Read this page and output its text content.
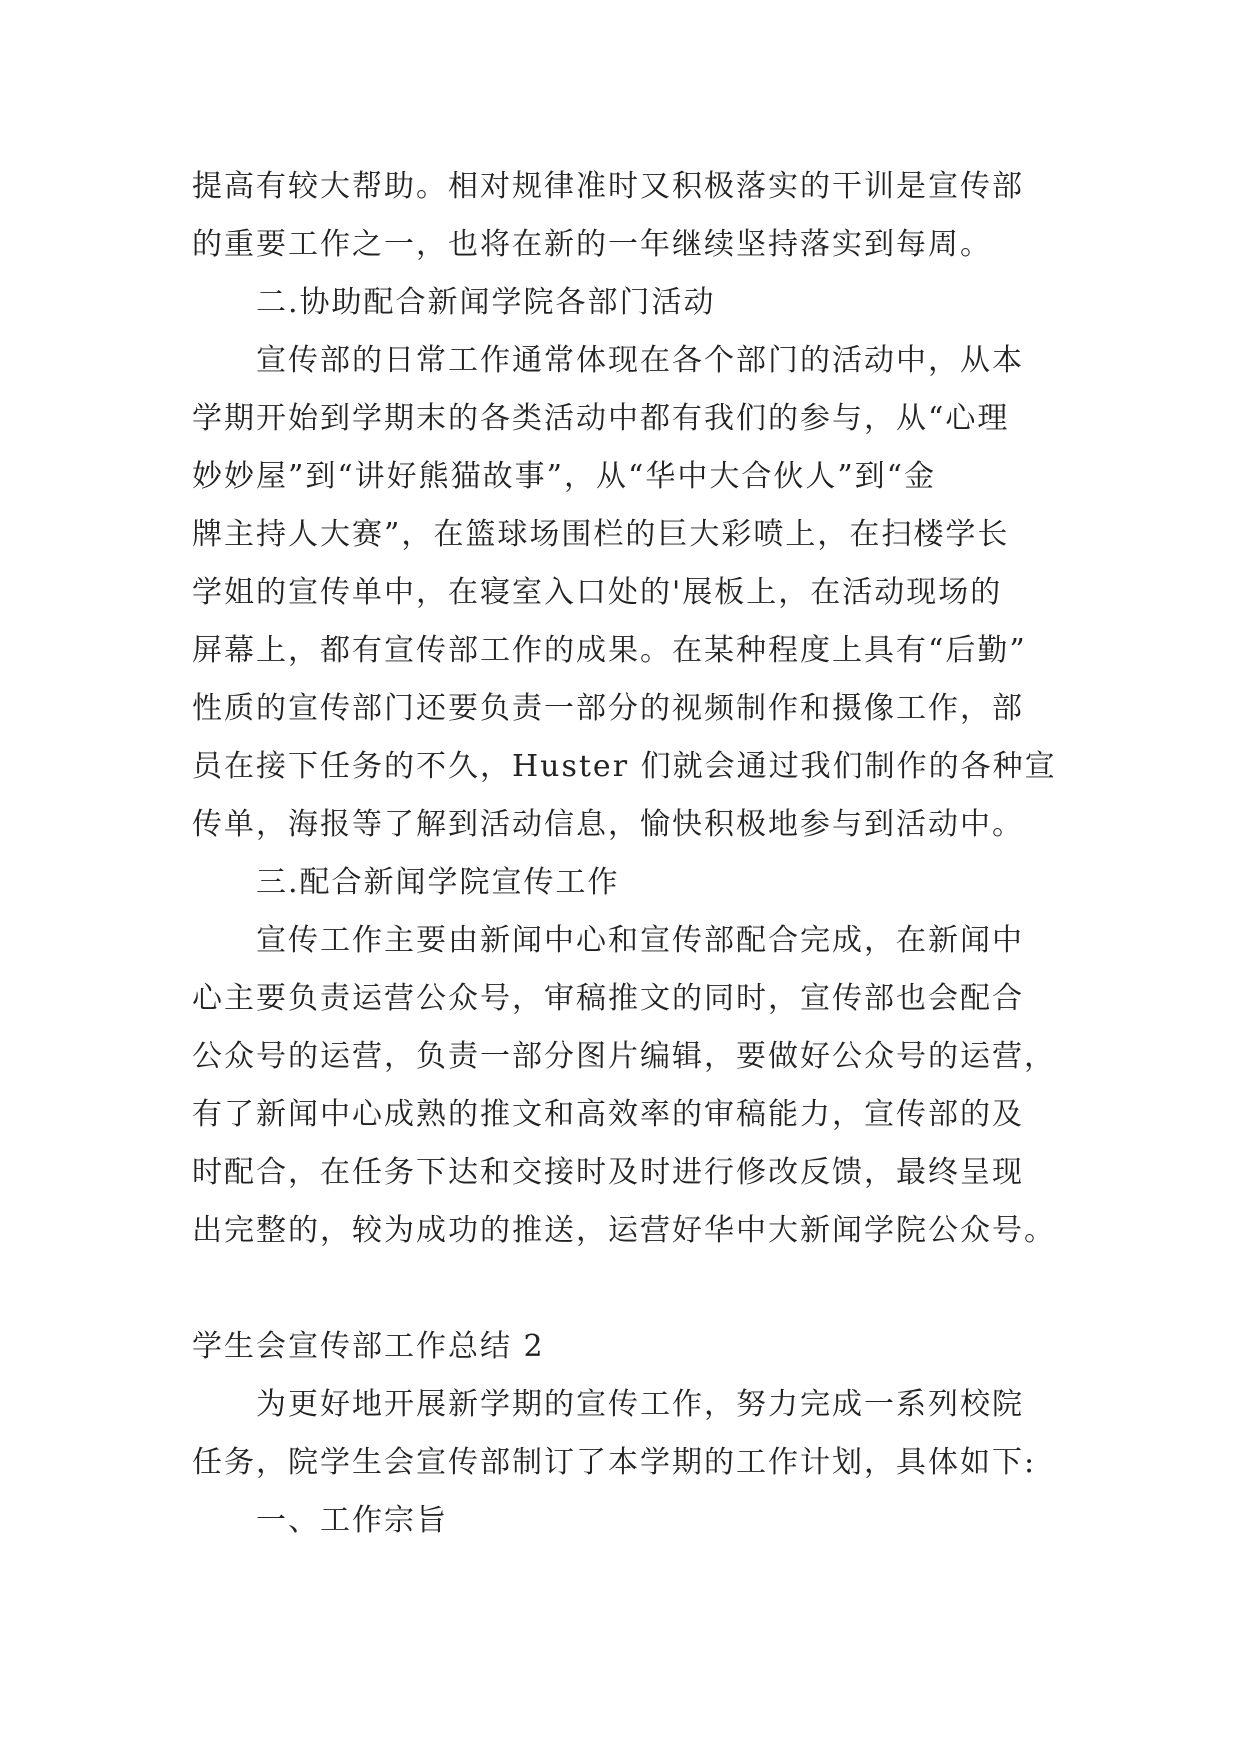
提高有较大帮助。相对规律准时又积极落实的干训是宣传部
的重要工作之一，也将在新的一年继续坚持落实到每周。
二.协助配合新闻学院各部门活动
宣传部的日常工作通常体现在各个部门的活动中，从本
学期开始到学期末的各类活动中都有我们的参与，从“心理
妙妙屋”到“讲好熊猫故事”，从“华中大合伙人”到“金
牌主持人大赛”，在篮球场围栏的巨大彩喷上，在扫楼学长
学姐的宣传单中，在寝室入口处的'展板上，在活动现场的
屏幕上，都有宣传部工作的成果。在某种程度上具有“后勤”
性质的宣传部门还要负责一部分的视频制作和摄像工作，部
员在接下任务的不久，Huster 们就会通过我们制作的各种宣
传单，海报等了解到活动信息，愉快积极地参与到活动中。
三.配合新闻学院宣传工作
宣传工作主要由新闻中心和宣传部配合完成，在新闻中
心主要负责运营公众号，审稿推文的同时，宣传部也会配合
公众号的运营，负责一部分图片编辑，要做好公众号的运营，
有了新闻中心成熟的推文和高效率的审稿能力，宣传部的及
时配合，在任务下达和交接时及时进行修改反馈，最终呈现
出完整的，较为成功的推送，运营好华中大新闻学院公众号。
学生会宣传部工作总结 2
为更好地开展新学期的宣传工作，努力完成一系列校院
任务，院学生会宣传部制订了本学期的工作计划，具体如下:
一、工作宗旨
